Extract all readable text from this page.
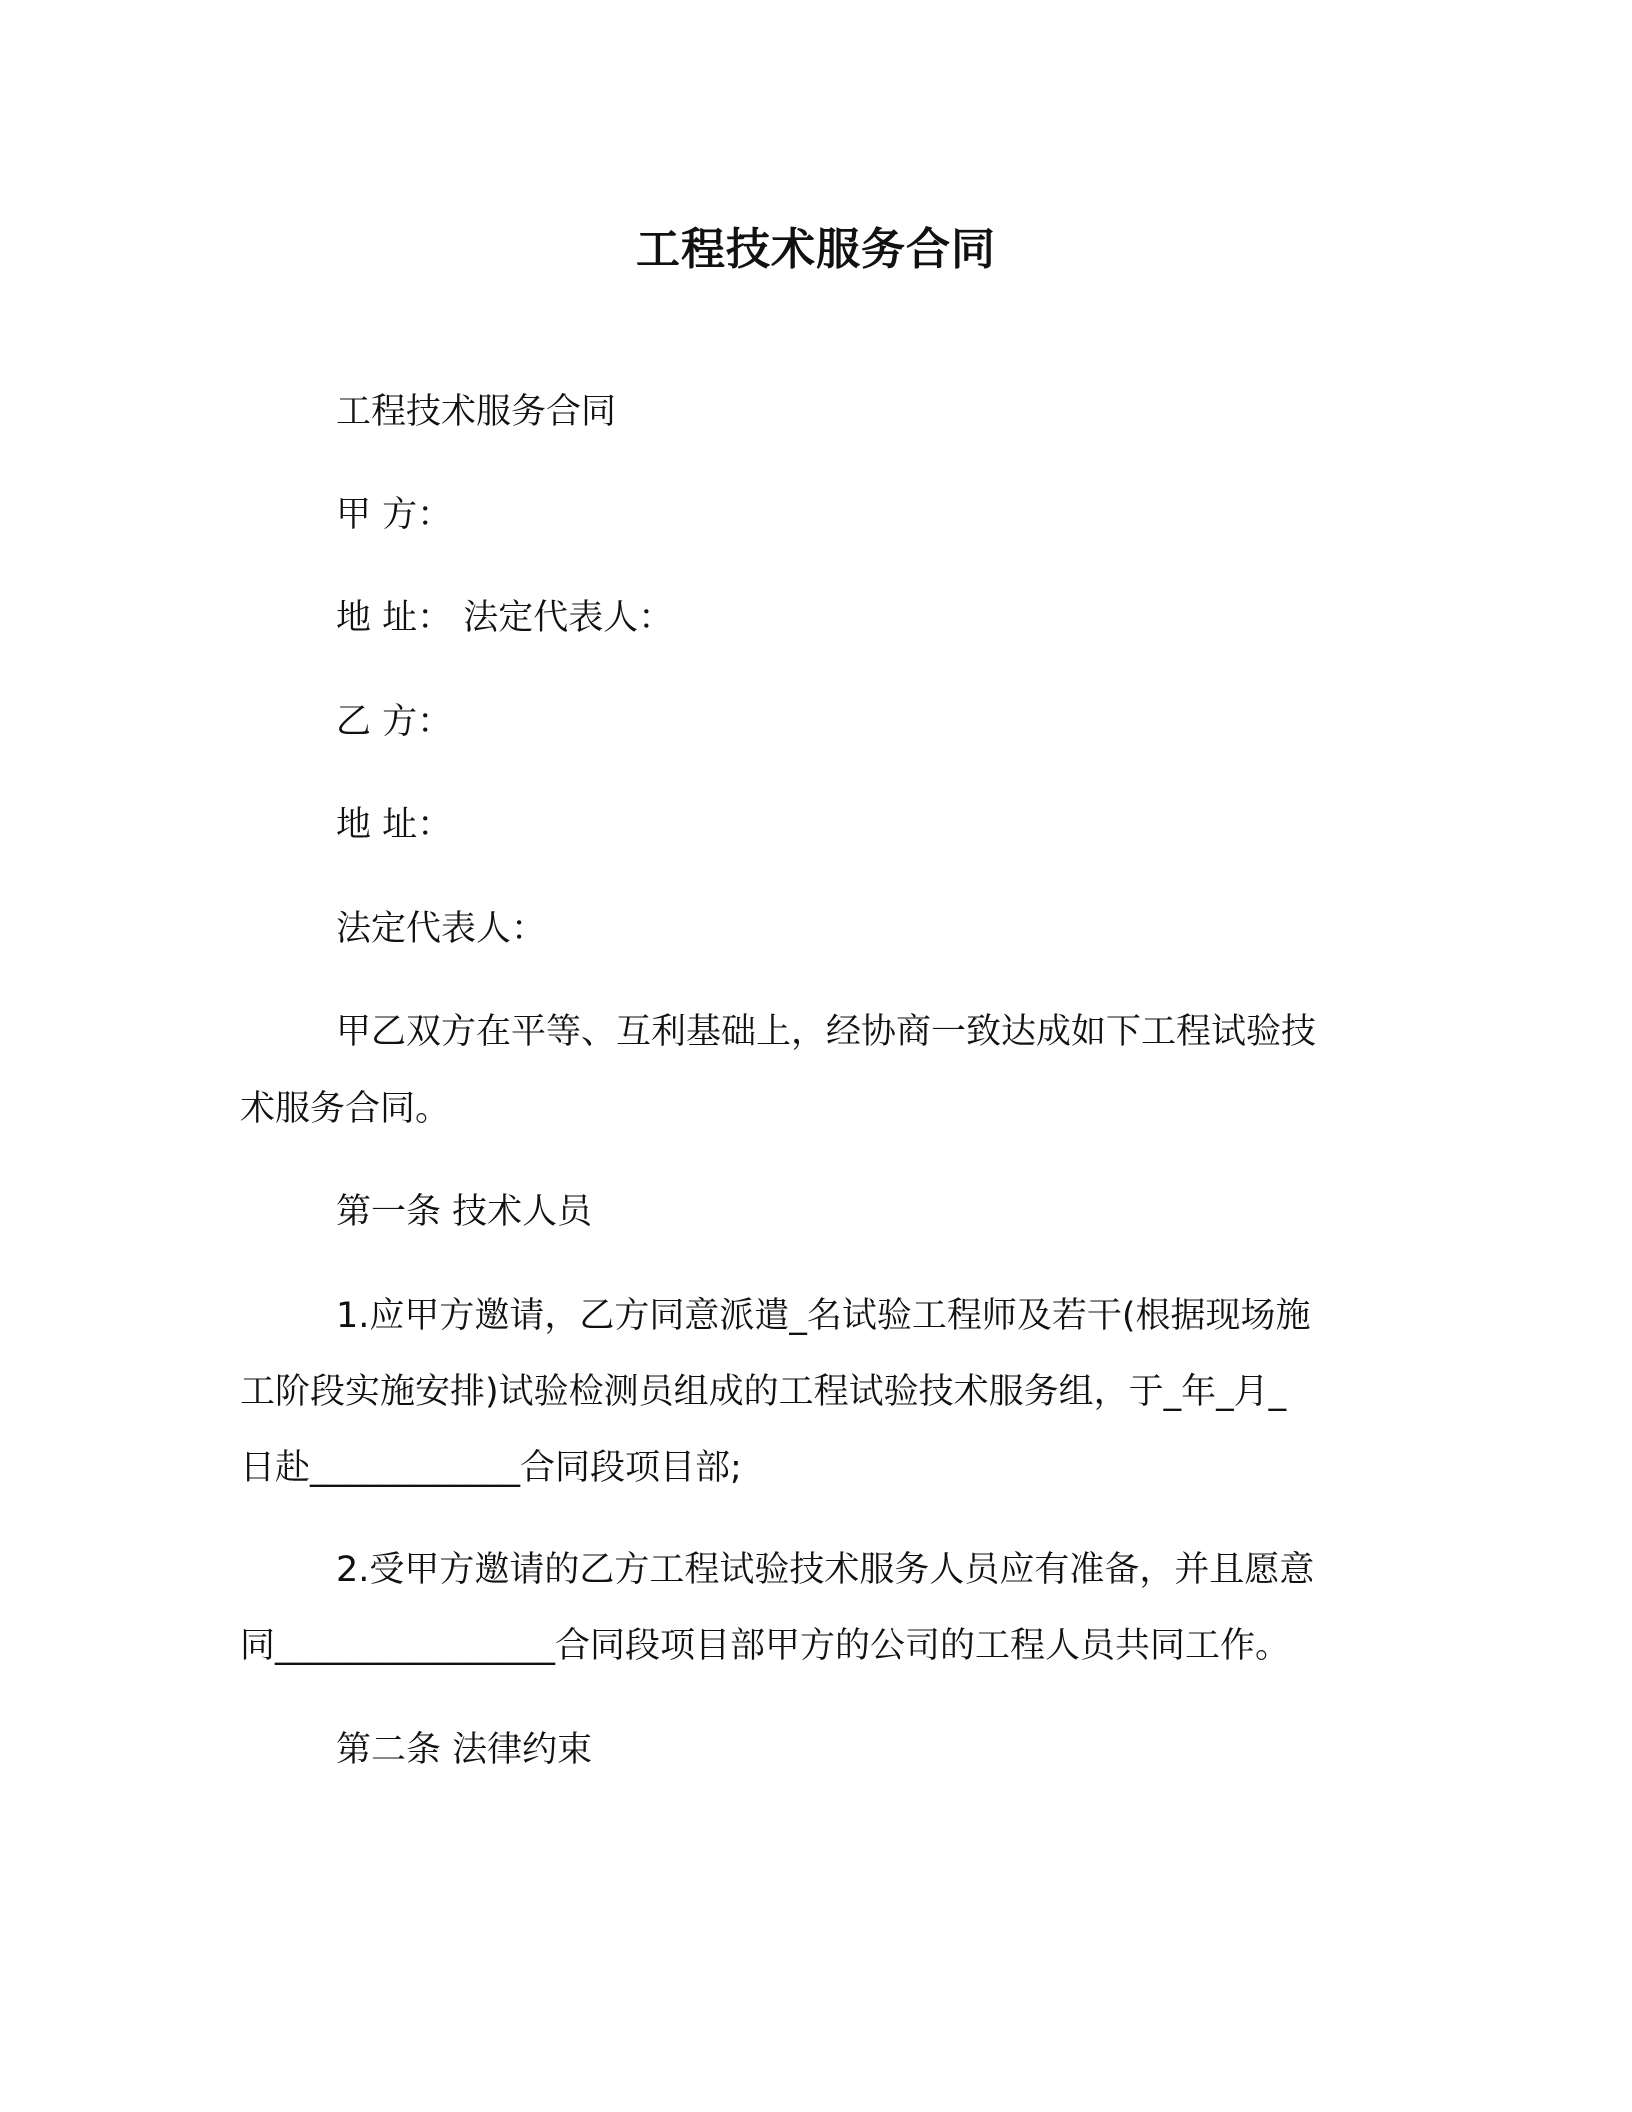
工程技术服务合同
工程技术服务合同
甲 方：
地 址： 法定代表人：
乙 方：
地 址：
法定代表人：
甲乙双方在平等、互利基础上，经协商一致达成如下工程试验技
术服务合同。
第一条 技术人员
1.应甲方邀请，乙方同意派遣_名试验工程师及若干(根据现场施
工阶段实施安排)试验检测员组成的工程试验技术服务组，于_年_月_
日赴____________合同段项目部;
2.受甲方邀请的乙方工程试验技术服务人员应有准备，并且愿意
同________________合同段项目部甲方的公司的工程人员共同工作。
第二条 法律约束
